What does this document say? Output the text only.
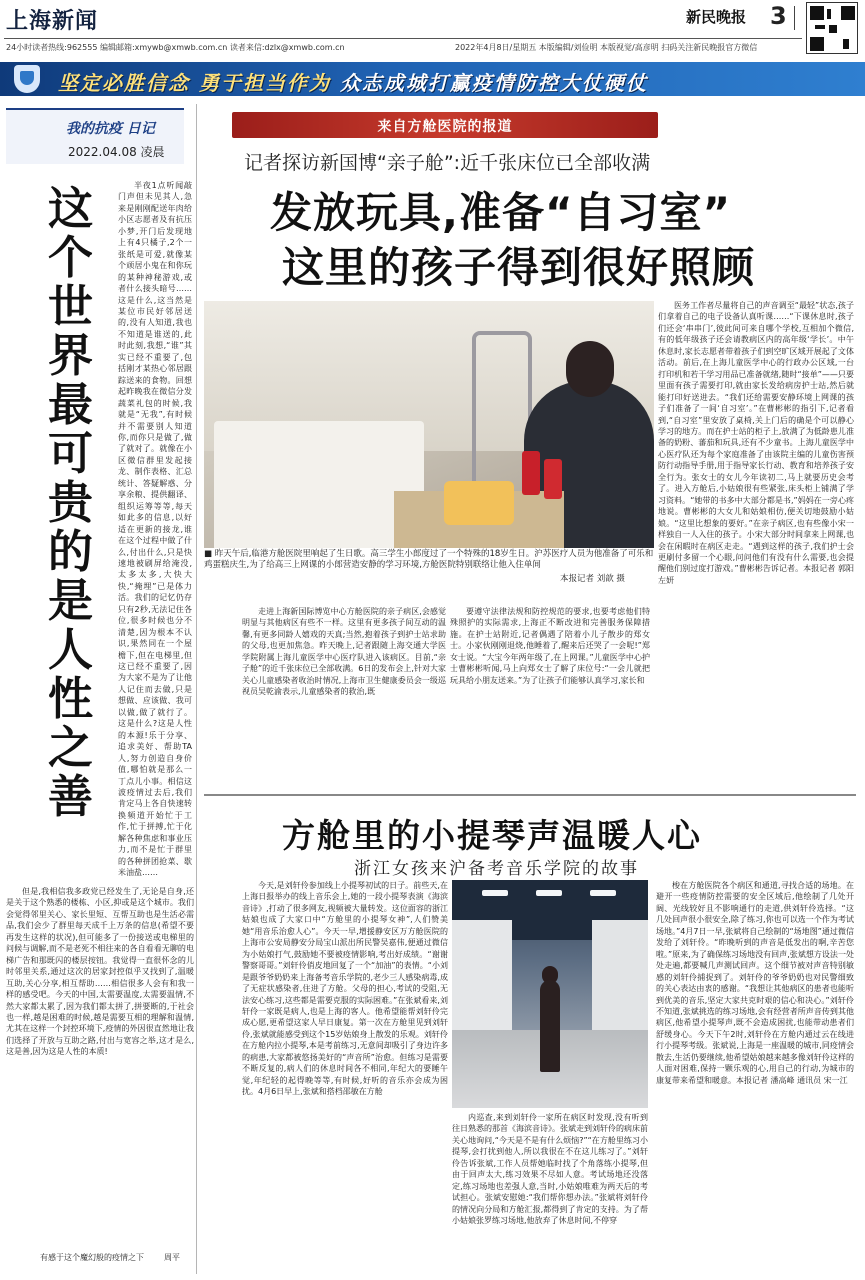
上海新闻	新民晚报 3
24小时读者热线:962555 编辑邮箱:xmywb@xmwb.com.cn 读者来信:dzlx@xmwb.com.cn	2022年4月8日/星期五 本版编辑/刘俭明 本版视觉/高彦明 扫码关注新民晚报官方微信
坚定必胜信念 勇于担当作为 众志成城打赢疫情防控大仗硬仗
我的抗疫 日记
2022.04.08 凌晨
这个世界最可贵的是人性之善

半夜1点听闻敲门声但未见其人,急来是刚刚配送年肉给小区志愿者及有抗压小梦,开门后发现地上有4只橘子,2个一张纸是可爱,就像某个顽居小鬼在和你玩的某种神秘游戏,或者什么接头暗号……这是什么,这当然是某位市民好邻居送的,没有人知道,我也不知道是谁送的,此时此刻,我想,“谁”其实已经不重要了,包括刚才某热心邻居跟踪送来的食物。回想起昨晚我在微信分发蔬菜礼包的时候,我就是“无我”,有时候并不需要别人知道你,而你只是做了,做了就对了。就像在小区微信群里发起接龙、制作表格、汇总统计、答疑解惑、分享余粮、提供翻译、组织运筹等等,每天如此多的信息,以好适在更新的接龙,谁在这个过程中做了什么,付出什么,只是快速地被刷屏给淹没,太多太多,大快大快,“掩埋”已是体力活。我们的记忆仍存只有2秒,无法记住各位,很多时候也分不清楚,因为根本不认识,果然同在一个屋檐下,但在电梯里,但这已经不重要了,因为大家不是为了让他人记住而去做,只是想做、应该做、我可以做,做了就行了。这是什么?这是人性的本源!乐于分享、追求美好、帮助TA人,努力创造自身价值,哪怕就是那么一丁点儿小事。相信这波疫情过去后,我们肯定马上各自快速转换频道开始忙于工作,忙于拼搏,忙于化解各种焦虑和事业压力,而不是忙于群里的各种拼团抢菜、歇米油盐……

但是,我相信我多政党已经发生了,无论是自身,还是关于这个熟悉的楼栋、小区,抑或是这个城市。我们会觉得邻里关心、家长里短、互帮互助也是生活必需品,我们会少了群里每天成千上万条的信息(希望不要再发生这样的状况),但可能多了一份接送或电梯里的问候与调解,而不是老死不相往来的各自看看无聊的电梯广告和那既闪的楼层按钮。我觉得一直很怀念的儿时邻里关系,通过这次的居家封控似乎又找到了,温暖互助,关心分享,相互帮助……相信很多人会有和我一样的感受吧。今天的中国,太需要温度,太需要温情,不然大家都太累了,因为我们都太拼了,拼要断的,于社会也一样,越是困难的时候,越是需要互相的理解和温情,尤其在这样一个封控环境下,疫情的外因很直然地让我们选择了开放与互助之路,付出与宽容之举,这才是么,这是善,因为这是人性的本质!

有感于这个魔幻般的疫情之下	周平
来自方舱医院的报道
记者探访新国博“亲子舱”:近千张床位已全部收满
发放玩具,准备“自习室”
这里的孩子得到很好照顾
■ 昨天午后,临港方舱医院里响起了生日歌。高三学生小郎度过了一个特殊的18岁生日。沪苏医疗人员为他准备了可乐和鸡蛋糕庆生,为了给高三上网课的小郎营造安静的学习环境,方舱医院特别联络让他入住单间
本报记者 刘歆 摄

走进上海新国际博览中心方舱医院的亲子病区,会感觉明显与其他病区有些不一样。这里有更多孩子间互动的温馨,有更多同龄人嬉戏的天真;当然,抱着孩子到护士站求助的父母,也更加焦急。昨天晚上,记者跟随上海交通大学医学院附属上海儿童医学中心医疗队进入该病区。目前,“亲子舱”的近千张床位已全部收满。6日的发布会上,针对大家关心儿童感染者收治时情况,上海市卫生健康委员会一级巡视员吴乾渝表示,儿童感染者的救治,既

要遵守法律法规和防控规范的要求,也要考虑他们特殊照护的实际需求,上海正不断改进和完善服务保障措施。在护士站附近,记者偶遇了陪着小儿子散步的郑女士。小家伙刚刚退烧,他睡着了,醒来后还哭了一会呢!”郑女士说。“大宝今年两年级了,在上网课。”儿童医学中心护士曹彬彬听闻,马上向郑女士了解了床位号:“一会儿就把玩具给小朋友送来。”为了让孩子们能够认真学习,家长和

医务工作者尽量将自己的声音调至“最轻”状态,孩子们拿着自己的电子设备认真听课……“下课休息时,孩子们还会‘串串门’,彼此间可来自哪个学校,互相加个微信,有的低年级孩子还会请教病区内的高年级‘学长’。中午休息时,家长志愿者带着孩子们到空旷区域开展起了文体活动。前后,在上海儿童医学中心的行政办公区域,一台打印机和若干学习用品已准备就绪,随时“接单”——只要里面有孩子需要打印,就由家长发给病房护士站,然后就能打印好送进去。“我们还给需要安静环境上网课的孩子们准备了一间‘自习室’。”在曹彬彬的指引下,记者看到,“自习室”里安放了桌椅,关上门后的确是个可以静心学习的地方。而在护士站的柜子上,放满了为低龄患儿准备的奶粉、蕃茄和玩具,还有不少童书。上海儿童医学中心医疗队还为每个家庭准备了由该院主编的儿童伤害预防行动指导手册,用于指导家长行动、教育和培养孩子安全行为。张女士的女儿今年读初二,马上就要历史会考了。进入方舱后,小姑娘很有些紧张,床头柜上铺满了学习资料。“她带的书多中大部分都是书,”妈妈在一旁心疼地说。曹彬彬的大女儿和姑娘相仿,便关切地鼓励小姑娘。“这里比想象的要好。”在亲子病区,也有些像小宋一样独自一人入住的孩子。小宋大部分时间拿来上网课,也会在闲暇时在病区走走。“遇到这样的孩子,我们护士会更刷付多留一个心眼,问问他们有没有什么需要,也会提醒他们别过度打游戏。”曹彬彬告诉记者。本报记者 郭阳 左妍

方舱里的小提琴声温暖人心
浙江女孩来沪备考音乐学院的故事

今天,是刘轩伶参加线上小提琴初试的日子。前些天,在上海日报举办的线上音乐会上,她的一段小提琴表演《海滨音诗》,打动了很多网友,视频被大量转发。这位面容的浙江姑娘也成了大家口中“方舱里的小提琴女神”,人们赞美她“用音乐治愈人心”。今天一早,增援静安区万方舱医院的上海市公安局静安分局宝山派出所民警吴嘉伟,便通过微信为小姑娘打气,鼓励她不要被疫情影响,考出好成绩。“谢谢警察哥哥。”刘轩伶俏皮地回复了一个“加油”的表情。“小刘是跟爷爷奶奶来上海备考音乐学院的,老少三人感染病毒,成了无症状感染者,住进了方舱。父母的担心,考试的受阻,无法安心练习,这些都是需要克服的实际困难。”在张斌看来,刘轩伶一家既是病人,也是上海的客人。他希望能帮刘轩伶完成心愿,更希望这家人早日康复。第一次在方舱里见到刘轩伶,张斌就能感受到这个15岁姑娘身上散发的乐观。刘轩伶在方舱内拉小提琴,本是考前练习,无意间却吸引了身边许多的病患,大家都被悠扬美好的“声音所”治愈。但练习是需要不断反复的,病人们的休息时间各不相同,年纪大的要睡午觉,年纪轻的起得晚等等,有时候,好听的音乐亦会成为困扰。4月6日早上,张斌和搭档邵敏在方舱

内巡查,来到刘轩伶一家所在病区时发现,没有听到往日熟悉的那首《海滨音诗》。张斌走到刘轩伶的病床前关心地询问,“今天是不是有什么烦恼?”“在方舱里练习小提琴,会打扰到他人,所以我很在不在这儿练习了。”刘轩伶告诉张斌,工作人员帮她临时找了个角落练小提琴,但由于回声太大,练习效果不尽如人意。考试场地还没落定,练习场地也差强人意,当时,小姑娘唯难为两天后的考试担心。张斌安慰她:“我们帮你想办法。”张斌将刘轩伶的情况向分局和方舱汇报,都得到了肯定的支持。为了帮小姑娘张罗练习场地,他放弃了休息时间,不停穿

梭在方舱医院各个病区和通道,寻找合适的场地。在避开一些疫情防控需要的安全区域后,他绘制了几处开阔、光线较好且不影响通行的走道,供刘轩伶选择。“这几处回声很小很安全,除了练习,你也可以选一个作为考试场地。”4月7日一早,张斌将自己绘制的“场地图”通过微信发给了刘轩伶。“昨晚听到的声音是低发出的啊,辛苦您啦。”原来,为了确保练习场地没有回声,张斌想方设法一处处走遍,都要喊几声测试回声。这个细节被对声音特别敏感的刘轩伶捕捉到了。刘轩伶的爷爷奶奶也对民警细致的关心表达由衷的感谢。“我想让其他病区的患者也能听到优美的音乐,坚定大家共克时艰的信心和决心。”刘轩伶不知道,张斌挑选的练习场地,会有经营者所声音传到其他病区,他希望小提琴声,既不会造成困扰,也能带动患者们舒缓身心。今天下午2时,刘轩伶在方舱内通过云在线进行小提琴考级。张斌说,上海是一座温暖的城市,同疫情会散去,生活仍要继续,他希望姑娘越来越多像刘轩伶这样的人面对困难,保持一颗乐观的心,用自己的行动,为城市的康复带来希望和暖意。本报记者 潘高峰 通讯员 宋一江
